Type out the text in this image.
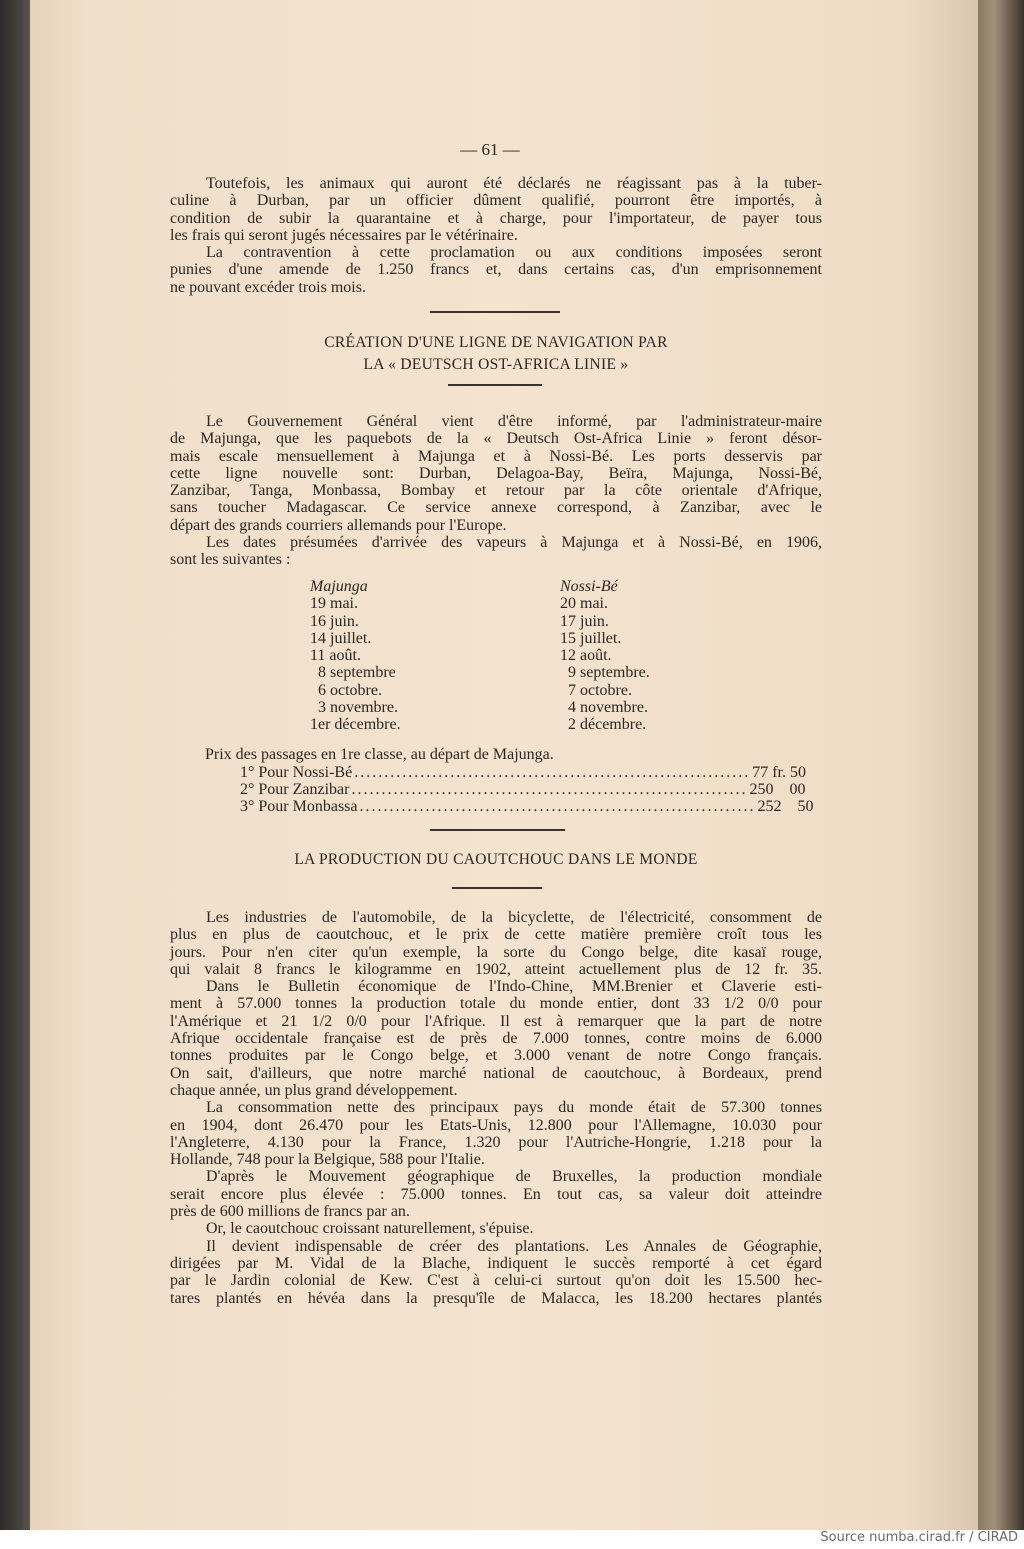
— 61 —
Toutefois, les animaux qui auront été déclarés ne réagissant pas à la tuber-
culine à Durban, par un officier dûment qualifié, pourront être importés, à
condition de subir la quarantaine et à charge, pour l'importateur, de payer tous
les frais qui seront jugés nécessaires par le vétérinaire.
La contravention à cette proclamation ou aux conditions imposées seront
punies d'une amende de 1.250 francs et, dans certains cas, d'un emprisonnement
ne pouvant excéder trois mois.
CRÉATION D'UNE LIGNE DE NAVIGATION PAR
LA « DEUTSCH OST-AFRICA LINIE »
Le Gouvernement Général vient d'être informé, par l'administrateur-maire
de Majunga, que les paquebots de la « Deutsch Ost-Africa Linie » feront désor-
mais escale mensuellement à Majunga et à Nossi-Bé. Les ports desservis par
cette ligne nouvelle sont: Durban, Delagoa-Bay, Beïra, Majunga, Nossi-Bé,
Zanzibar, Tanga, Monbassa, Bombay et retour par la côte orientale d'Afrique,
sans toucher Madagascar. Ce service annexe correspond, à Zanzibar, avec le
départ des grands courriers allemands pour l'Europe.
Les dates présumées d'arrivée des vapeurs à Majunga et à Nossi-Bé, en 1906,
sont les suivantes :
Majunga
19 mai.
16 juin.
14 juillet.
11 août.
8 septembre
6 octobre.
3 novembre.
1er décembre.
Nossi-Bé
20 mai.
17 juin.
15 juillet.
12 août.
9 septembre.
7 octobre.
4 novembre.
2 décembre.
Prix des passages en 1re classe, au départ de Majunga.
1° Pour Nossi-Bé .................................................................. 77 fr. 50
2° Pour Zanzibar .................................................................. 250    00
3° Pour Monbassa .................................................................. 252    50
LA PRODUCTION DU CAOUTCHOUC DANS LE MONDE
Les industries de l'automobile, de la bicyclette, de l'électricité, consomment de
plus en plus de caoutchouc, et le prix de cette matière première croît tous les
jours. Pour n'en citer qu'un exemple, la sorte du Congo belge, dite kasaï rouge,
qui valait 8 francs le kilogramme en 1902, atteint actuellement plus de 12 fr. 35.
Dans le Bulletin économique de l'Indo-Chine, MM.Brenier et Claverie esti-
ment à 57.000 tonnes la production totale du monde entier, dont 33 1/2 0/0 pour
l'Amérique et 21 1/2 0/0 pour l'Afrique. Il est à remarquer que la part de notre
Afrique occidentale française est de près de 7.000 tonnes, contre moins de 6.000
tonnes produites par le Congo belge, et 3.000 venant de notre Congo français.
On sait, d'ailleurs, que notre marché national de caoutchouc, à Bordeaux, prend
chaque année, un plus grand développement.
La consommation nette des principaux pays du monde était de 57.300 tonnes
en 1904, dont 26.470 pour les Etats-Unis, 12.800 pour l'Allemagne, 10.030 pour
l'Angleterre, 4.130 pour la France, 1.320 pour l'Autriche-Hongrie, 1.218 pour la
Hollande, 748 pour la Belgique, 588 pour l'Italie.
D'après le Mouvement géographique de Bruxelles, la production mondiale
serait encore plus élevée : 75.000 tonnes. En tout cas, sa valeur doit atteindre
près de 600 millions de francs par an.
Or, le caoutchouc croissant naturellement, s'épuise.
Il devient indispensable de créer des plantations. Les Annales de Géographie,
dirigées par M. Vidal de la Blache, indiquent le succès remporté à cet égard
par le Jardin colonial de Kew. C'est à celui-ci surtout qu'on doit les 15.500 hec-
tares plantés en hévéa dans la presqu'île de Malacca, les 18.200 hectares plantés
Source numba.cirad.fr / CIRAD
